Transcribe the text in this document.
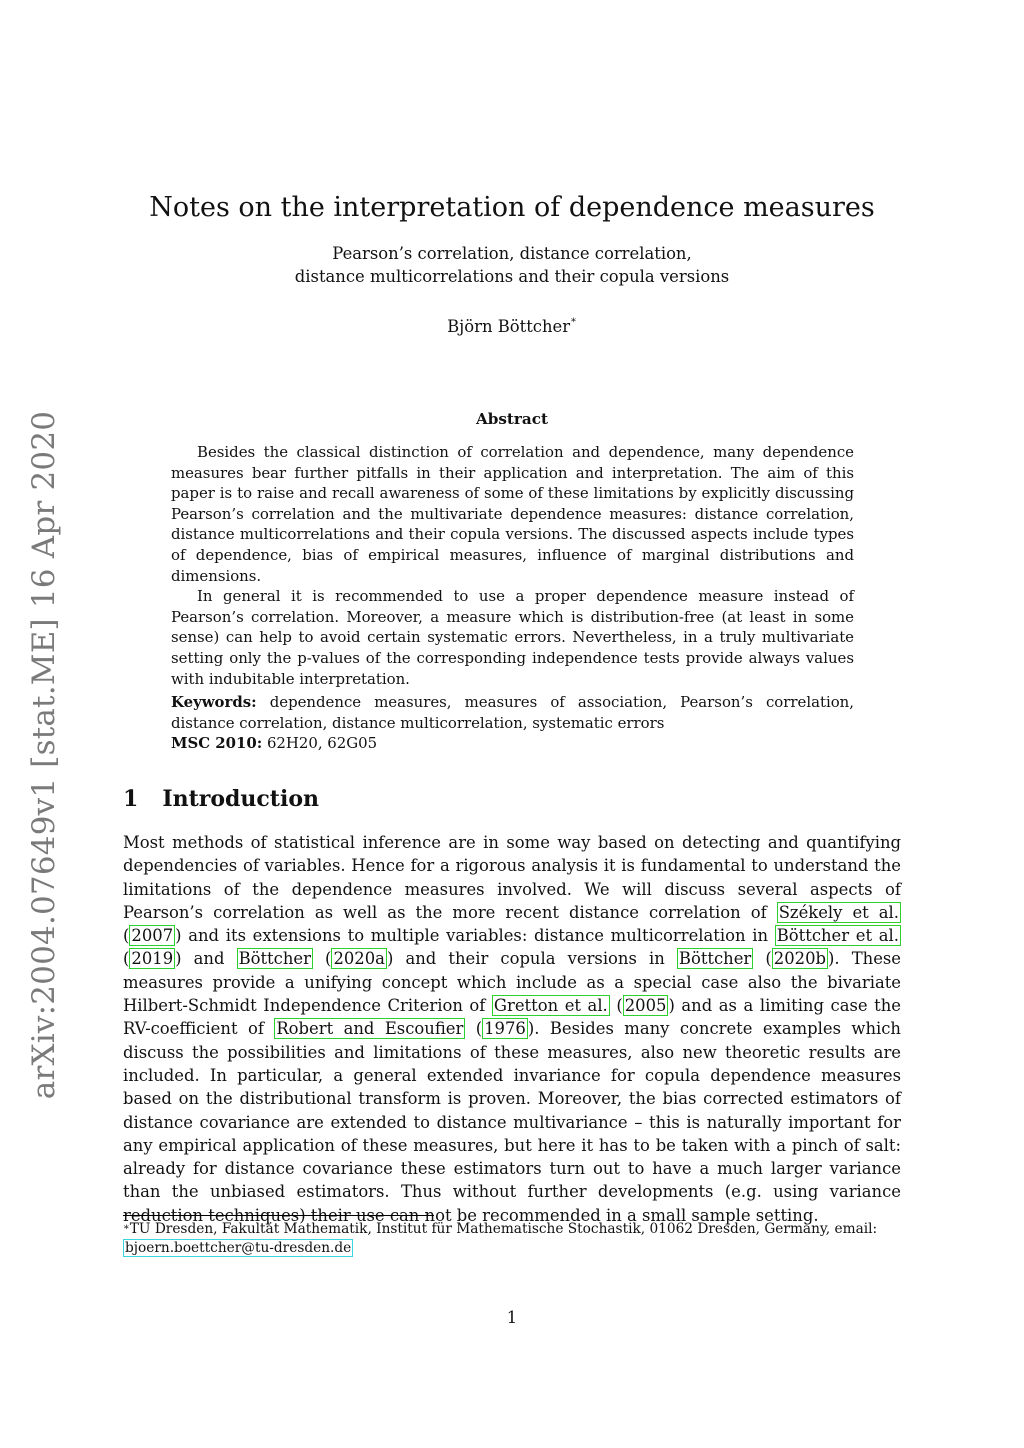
arXiv:2004.07649v1 [stat.ME] 16 Apr 2020
Notes on the interpretation of dependence measures
Pearson’s correlation, distance correlation,
distance multicorrelations and their copula versions
Björn Böttcher∗
Abstract

Besides the classical distinction of correlation and dependence, many dependence measures bear further pitfalls in their application and interpretation. The aim of this paper is to raise and recall awareness of some of these limitations by explicitly discussing Pearson’s correlation and the multivariate dependence measures: distance correlation, distance multicorrelations and their copula versions. The discussed aspects include types of dependence, bias of empirical measures, influence of marginal distributions and dimensions.

In general it is recommended to use a proper dependence measure instead of Pearson’s correlation. Moreover, a measure which is distribution-free (at least in some sense) can help to avoid certain systematic errors. Nevertheless, in a truly multivariate setting only the p-values of the corresponding independence tests provide always values with indubitable interpretation.

Keywords: dependence measures, measures of association, Pearson’s correlation, distance correlation, distance multicorrelation, systematic errors

MSC 2010: 62H20, 62G05

1 Introduction

Most methods of statistical inference are in some way based on detecting and quantifying dependencies of variables. Hence for a rigorous analysis it is fundamental to understand the limitations of the dependence measures involved. We will discuss several aspects of Pearson’s correlation as well as the more recent distance correlation of Székely et al. ( 2007 ) and its extensions to multiple variables: distance multicorrelation in Böttcher et al. ( 2019 ) and Böttcher ( 2020a ) and their copula versions in Böttcher ( 2020b ). These measures provide a unifying concept which include as a special case also the bivariate Hilbert-Schmidt Independence Criterion of Gretton et al. ( 2005 ) and as a limiting case the RV-coefficient of Robert and Escoufier ( 1976 ). Besides many concrete examples which discuss the possibilities and limitations of these measures, also new theoretic results are included. In particular, a general extended invariance for copula dependence measures based on the distributional transform is proven. Moreover, the bias corrected estimators of distance covariance are extended to distance multivariance – this is naturally important for any empirical application of these measures, but here it has to be taken with a pinch of salt: already for distance covariance these estimators turn out to have a much larger variance than the unbiased estimators. Thus without further developments (e.g. using variance reduction techniques) their use can not be recommended in a small sample setting.

∗TU Dresden, Fakultät Mathematik, Institut für Mathematische Stochastik, 01062 Dresden, Germany, email: bjoern.boettcher@tu-dresden.de
1
